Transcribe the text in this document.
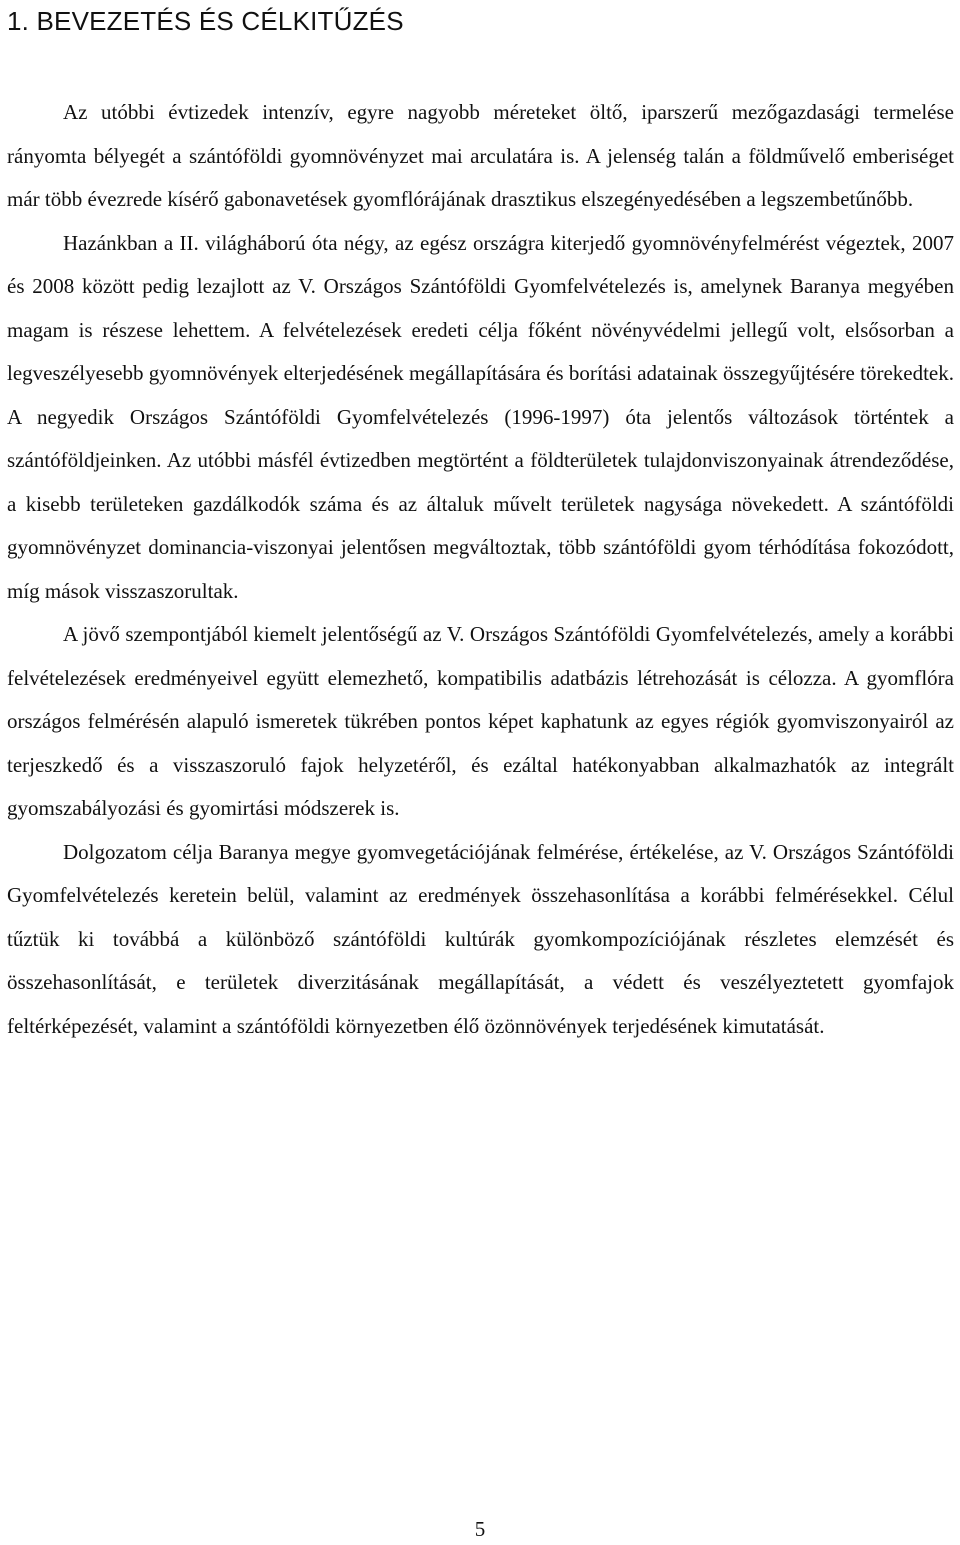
1. BEVEZETÉS ÉS CÉLKITŰZÉS

Az utóbbi évtizedek intenzív, egyre nagyobb méreteket öltő, iparszerű mezőgazdasági termelése rányomta bélyegét a szántóföldi gyomnövényzet mai arculatára is. A jelenség talán a földművelő emberiséget már több évezrede kísérő gabonavetések gyomflórájának drasztikus elszegényedésében a legszembetűnőbb.

Hazánkban a II. világháború óta négy, az egész országra kiterjedő gyomnövényfelmérést végeztek, 2007 és 2008 között pedig lezajlott az V. Országos Szántóföldi Gyomfelvételezés is, amelynek Baranya megyében magam is részese lehettem. A felvételezések eredeti célja főként növényvédelmi jellegű volt, elsősorban a legveszélyesebb gyomnövények elterjedésének megállapítására és borítási adatainak összegyűjtésére törekedtek. A negyedik Országos Szántóföldi Gyomfelvételezés (1996-1997) óta jelentős változások történtek a szántóföldjeinken. Az utóbbi másfél évtizedben megtörtént a földterületek tulajdonviszonyainak átrendeződése, a kisebb területeken gazdálkodók száma és az általuk művelt területek nagysága növekedett. A szántóföldi gyomnövényzet dominancia-viszonyai jelentősen megváltoztak, több szántóföldi gyom térhódítása fokozódott, míg mások visszaszorultak.

A jövő szempontjából kiemelt jelentőségű az V. Országos Szántóföldi Gyomfelvételezés, amely a korábbi felvételezések eredményeivel együtt elemezhető, kompatibilis adatbázis létrehozását is célozza. A gyomflóra országos felmérésén alapuló ismeretek tükrében pontos képet kaphatunk az egyes régiók gyomviszonyairól az terjeszkedő és a visszaszoruló fajok helyzetéről, és ezáltal hatékonyabban alkalmazhatók az integrált gyomszabályozási és gyomirtási módszerek is.

Dolgozatom célja Baranya megye gyomvegetációjának felmérése, értékelése, az V. Országos Szántóföldi Gyomfelvételezés keretein belül, valamint az eredmények összehasonlítása a korábbi felmérésekkel. Célul tűztük ki továbbá a különböző szántóföldi kultúrák gyomkompozíciójának részletes elemzését és összehasonlítását, e területek diverzitásának megállapítását, a védett és veszélyeztetett gyomfajok feltérképezését, valamint a szántóföldi környezetben élő özönnövények terjedésének kimutatását.

5
